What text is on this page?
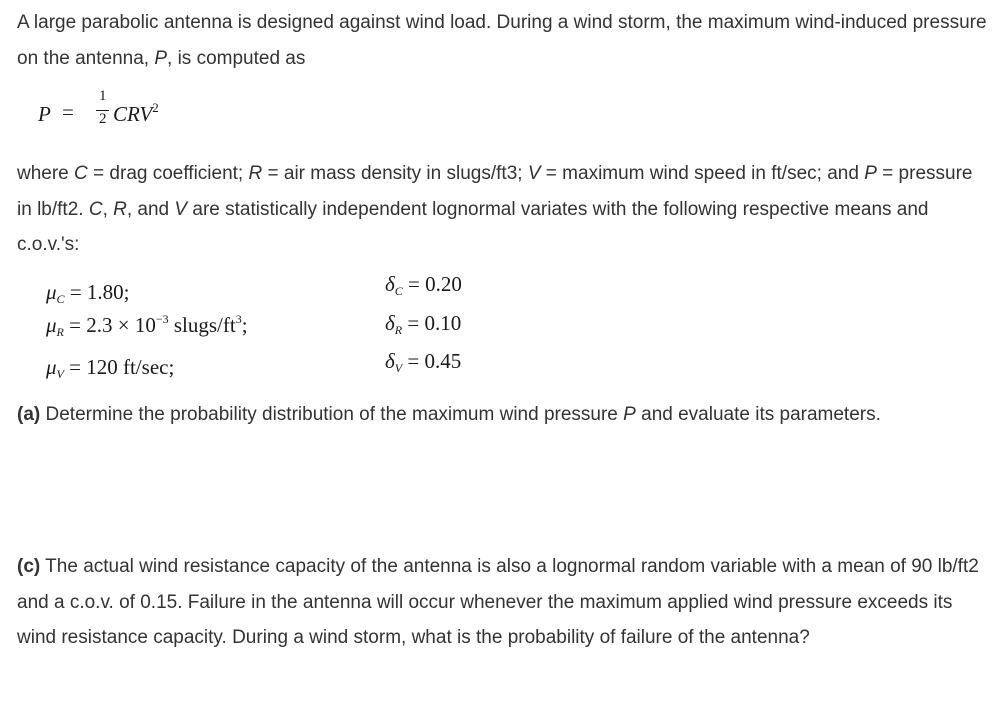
A large parabolic antenna is designed against wind load. During a wind storm, the maximum wind-induced pressure on the antenna, P, is computed as

P =
1
2 CRV$^2$

where C = drag coefficient; R = air mass density in slugs/ft3; V = maximum wind speed in ft/sec; and P = pressure in lb/ft2. C, R, and V are statistically independent lognormal variates with the following respective means and c.o.v.'s:

$\mu_C = 1.80$;
$\mu_R = 2.3 \times 10^{-3}$ slugs/$ft^3$;
$\mu_V = 120$ ft/sec;
$\delta_C = 0.20$
$\delta_R = 0.10$
$\delta_V = 0.45$

(a) Determine the probability distribution of the maximum wind pressure P and evaluate its parameters.

(c) The actual wind resistance capacity of the antenna is also a lognormal random variable with a mean of 90 lb/ft2 and a c.o.v. of 0.15. Failure in the antenna will occur whenever the maximum applied wind pressure exceeds its wind resistance capacity. During a wind storm, what is the probability of failure of the antenna?
